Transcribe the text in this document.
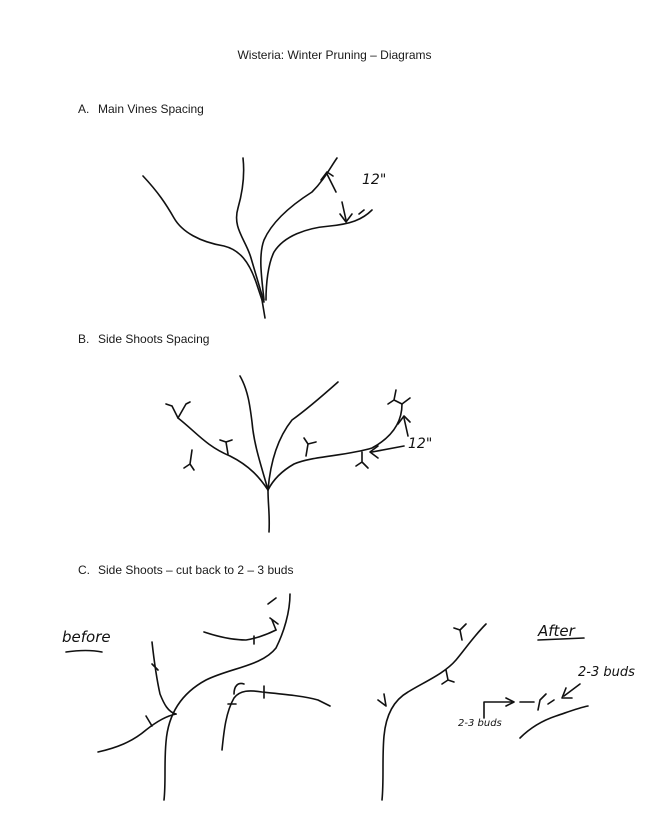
Wisteria: Winter Pruning – Diagrams
A. Main Vines Spacing
B. Side Shoots Spacing
C. Side Shoots – cut back to 2 – 3 buds
12"
12"
before	After
2-3 buds
2-3 buds
